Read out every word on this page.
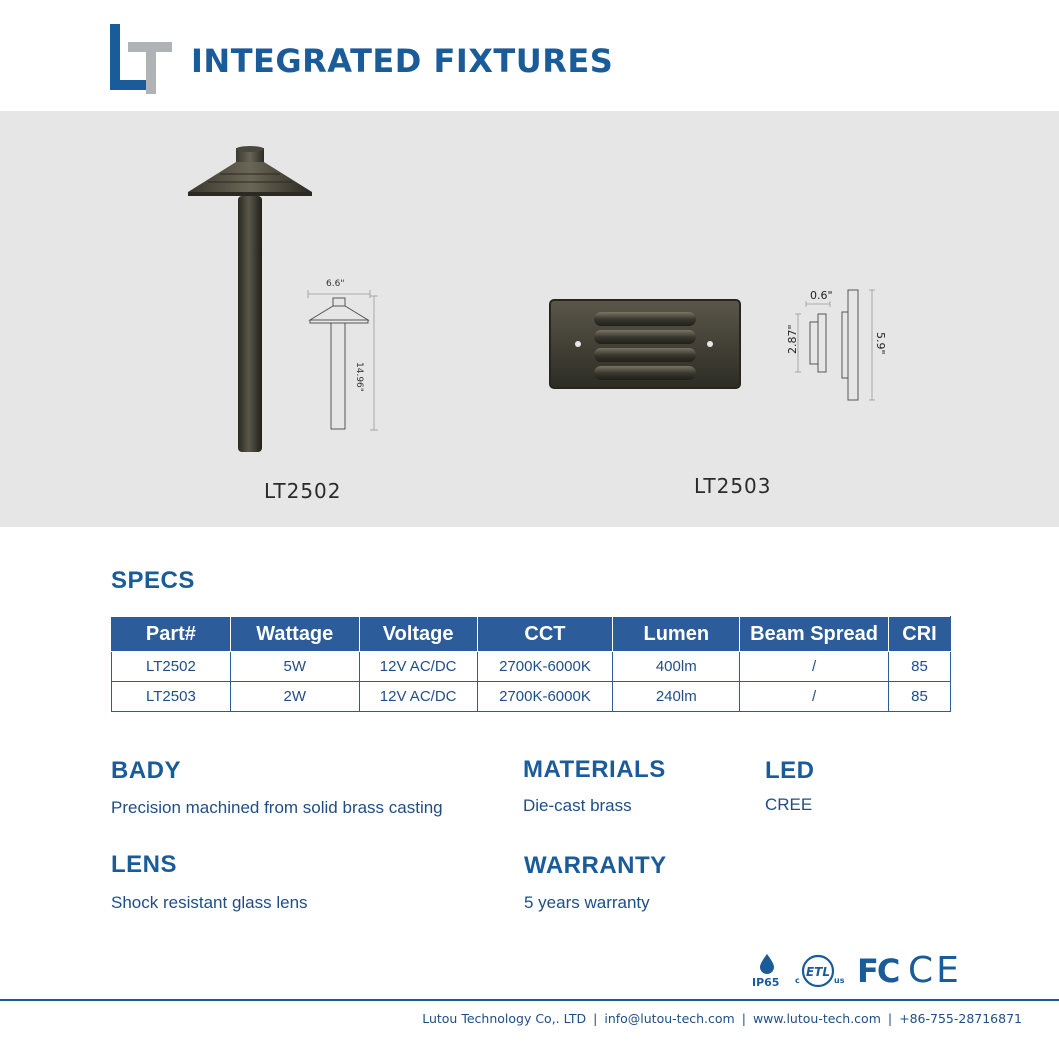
INTEGRATED FIXTURES
6.6"
14.96"
LT2502
0.6"
2.87"	5.9"
LT2503
SPECS
Part#	Wattage	Voltage	CCT	Lumen	Beam Spread	CRI
LT2502	5W	12V AC/DC	2700K-6000K	400lm	/	85
LT2503	2W	12V AC/DC	2700K-6000K	240lm	/	85
BADY
Precision machined from solid brass casting
MATERIALS
Die-cast brass
LED
CREE
LENS
Shock resistant glass lens
WARRANTY
5 years warranty
IP65
ETL
c	us FC CE
Lutou Technology Co,. LTD | info@lutou-tech.com | www.lutou-tech.com | +86-755-28716871
